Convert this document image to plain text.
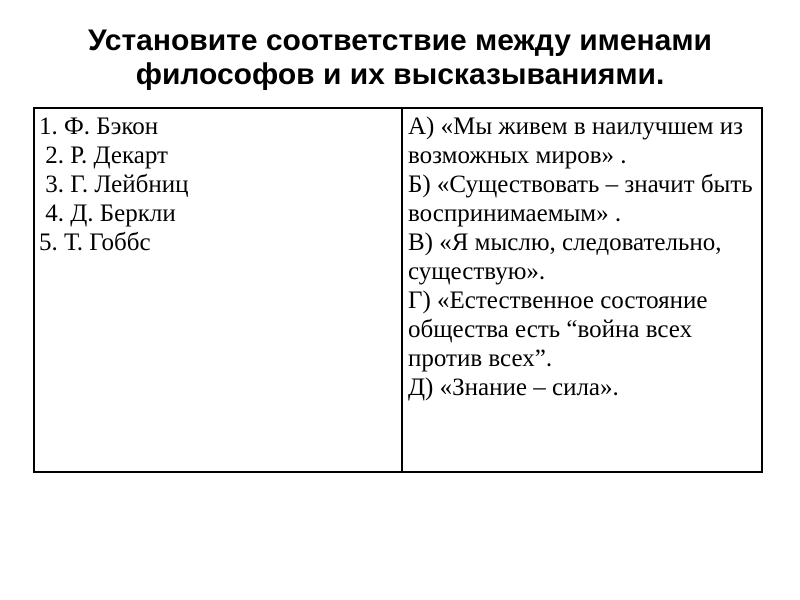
Установите соответствие между именами философов и их высказываниями.
1. Ф. Бэкон
2. Р. Декарт
3. Г. Лейбниц
4. Д. Беркли
5. Т. Гоббс
А) «Мы живем в наилучшем из возможных миров» .
Б) «Существовать – значит быть воспринимаемым» .
В) «Я мыслю, следовательно, существую».
Г) «Естественное состояние общества есть “война всех против всех”.
Д) «Знание – сила».
